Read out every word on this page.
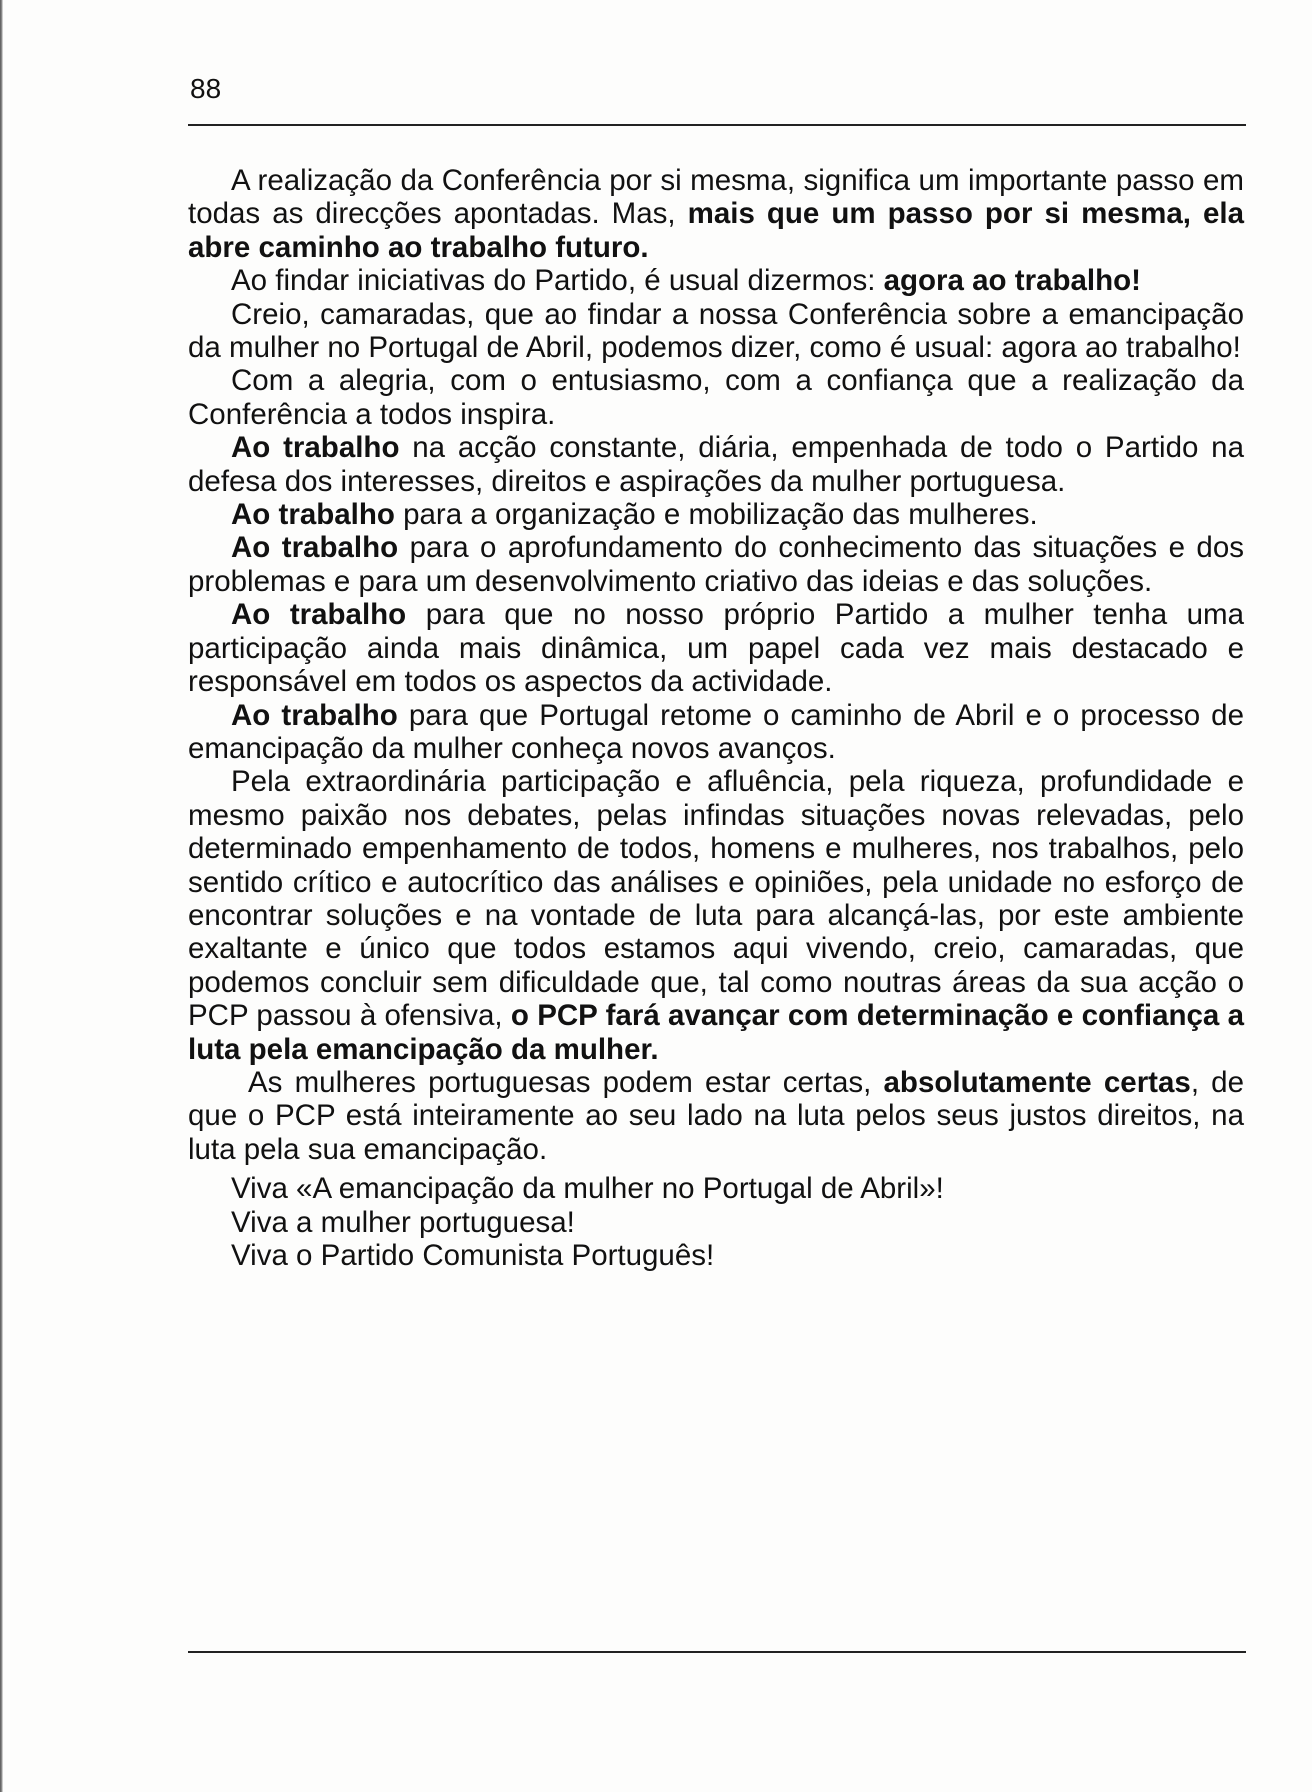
88

A realização da Conferência por si mesma, significa um importante passo em todas as direcções apontadas. Mas, mais que um passo por si mesma, ela abre caminho ao trabalho futuro.

Ao findar iniciativas do Partido, é usual dizermos: agora ao trabalho!

Creio, camaradas, que ao findar a nossa Conferência sobre a emancipação da mulher no Portugal de Abril, podemos dizer, como é usual: agora ao trabalho!

Com a alegria, com o entusiasmo, com a confiança que a realização da Conferência a todos inspira.

Ao trabalho na acção constante, diária, empenhada de todo o Partido na defesa dos interesses, direitos e aspirações da mulher portuguesa.

Ao trabalho para a organização e mobilização das mulheres.

Ao trabalho para o aprofundamento do conhecimento das situações e dos problemas e para um desenvolvimento criativo das ideias e das soluções.

Ao trabalho para que no nosso próprio Partido a mulher tenha uma participação ainda mais dinâmica, um papel cada vez mais destacado e responsável em todos os aspectos da actividade.

Ao trabalho para que Portugal retome o caminho de Abril e o processo de emancipação da mulher conheça novos avanços.

Pela extraordinária participação e afluência, pela riqueza, profundidade e mesmo paixão nos debates, pelas infindas situações novas relevadas, pelo determinado empenhamento de todos, homens e mulheres, nos trabalhos, pelo sentido crítico e autocrítico das análises e opiniões, pela unidade no esforço de encontrar soluções e na vontade de luta para alcançá-las, por este ambiente exaltante e único que todos estamos aqui vivendo, creio, camaradas, que podemos concluir sem dificuldade que, tal como noutras áreas da sua acção o PCP passou à ofensiva, o PCP fará avançar com determinação e confiança a luta pela emancipação da mulher.

As mulheres portuguesas podem estar certas, absolutamente certas, de que o PCP está inteiramente ao seu lado na luta pelos seus justos direitos, na luta pela sua emancipação.

Viva «A emancipação da mulher no Portugal de Abril»!

Viva a mulher portuguesa!

Viva o Partido Comunista Português!
